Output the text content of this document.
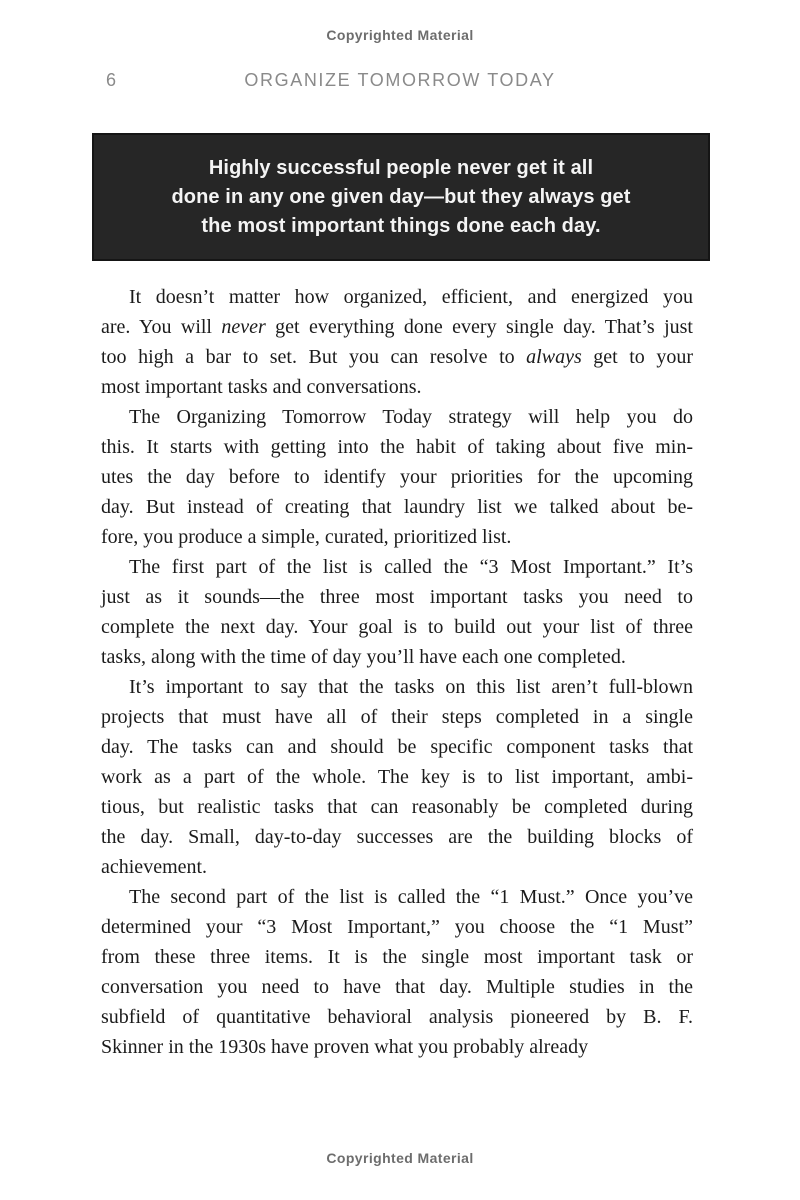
Copyrighted Material
6	ORGANIZE TOMORROW TODAY
Highly successful people never get it all
done in any one given day—but they always get
the most important things done each day.
It doesn’t matter how organized, efficient, and energized you
are. You will never get everything done every single day. That’s just
too high a bar to set. But you can resolve to always get to your
most important tasks and conversations.
The Organizing Tomorrow Today strategy will help you do
this. It starts with getting into the habit of taking about five min-
utes the day before to identify your priorities for the upcoming
day. But instead of creating that laundry list we talked about be-
fore, you produce a simple, curated, prioritized list.
The first part of the list is called the “3 Most Important.” It’s
just as it sounds—the three most important tasks you need to
complete the next day. Your goal is to build out your list of three
tasks, along with the time of day you’ll have each one completed.
It’s important to say that the tasks on this list aren’t full-blown
projects that must have all of their steps completed in a single
day. The tasks can and should be specific component tasks that
work as a part of the whole. The key is to list important, ambi-
tious, but realistic tasks that can reasonably be completed during
the day. Small, day-to-day successes are the building blocks of
achievement.
The second part of the list is called the “1 Must.” Once you’ve
determined your “3 Most Important,” you choose the “1 Must”
from these three items. It is the single most important task or
conversation you need to have that day. Multiple studies in the
subfield of quantitative behavioral analysis pioneered by B. F.
Skinner in the 1930s have proven what you probably already
Copyrighted Material
